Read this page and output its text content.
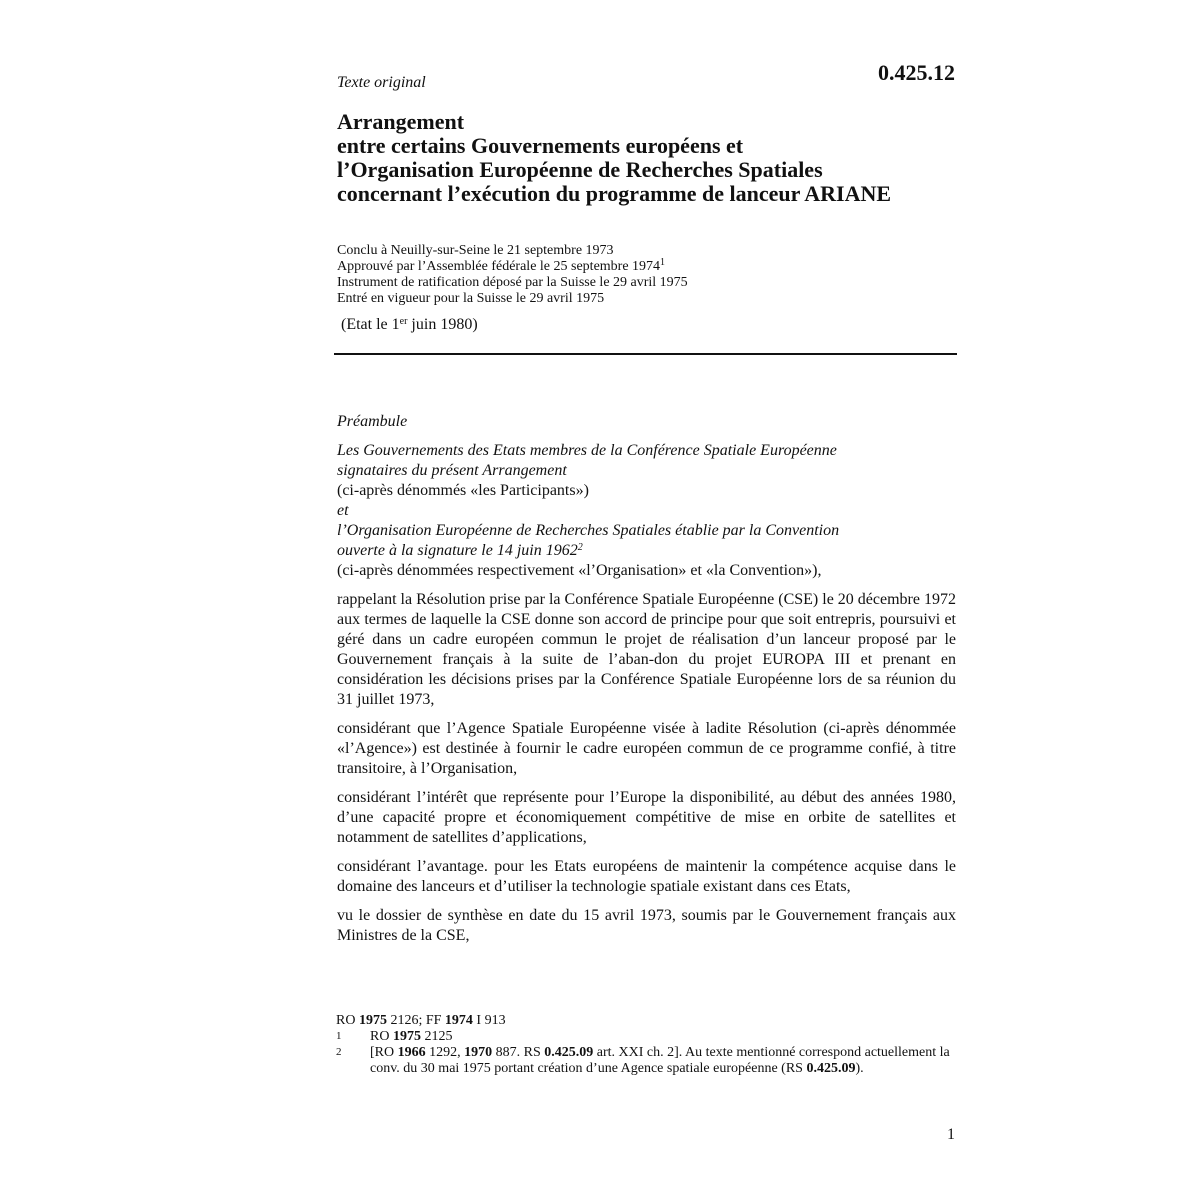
Texte original	0.425.12

Arrangement
entre certains Gouvernements européens et
l’Organisation Européenne de Recherches Spatiales
concernant l’exécution du programme de lanceur ARIANE
Conclu à Neuilly-sur-Seine le 21 septembre 1973
Approuvé par l’Assemblée fédérale le 25 septembre 1974$^1$
Instrument de ratification déposé par la Suisse le 29 avril 1975
Entré en vigueur pour la Suisse le 29 avril 1975

(Etat le 1er juin 1980)

Préambule

Les Gouvernements des Etats membres de la Conférence Spatiale Européenne

signataires du présent Arrangement

(ci-après dénommés «les Participants»)

et

l’Organisation Européenne de Recherches Spatiales établie par la Convention

ouverte à la signature le 14 juin 1962$^2$

(ci-après dénommées respectivement «l’Organisation» et «la Convention»),

rappelant la Résolution prise par la Conférence Spatiale Européenne (CSE) le 20 décembre 1972 aux termes de laquelle la CSE donne son accord de principe pour que soit entrepris, poursuivi et géré dans un cadre européen commun le projet de réalisation d’un lanceur proposé par le Gouvernement français à la suite de l’aban-don du projet EUROPA III et prenant en considération les décisions prises par la Conférence Spatiale Européenne lors de sa réunion du 31 juillet 1973,

considérant que l’Agence Spatiale Européenne visée à ladite Résolution (ci-après dénommée «l’Agence») est destinée à fournir le cadre européen commun de ce programme confié, à titre transitoire, à l’Organisation,

considérant l’intérêt que représente pour l’Europe la disponibilité, au début des années 1980, d’une capacité propre et économiquement compétitive de mise en orbite de satellites et notamment de satellites d’applications,

considérant l’avantage. pour les Etats européens de maintenir la compétence acquise dans le domaine des lanceurs et d’utiliser la technologie spatiale existant dans ces Etats,

vu le dossier de synthèse en date du 15 avril 1973, soumis par le Gouvernement français aux Ministres de la CSE,

RO 1975 2126; FF 1974 I 913

1	RO 1975 2125
2	[RO 1966 1292, 1970 887. RS 0.425.09 art. XXI ch. 2]. Au texte mentionné correspond actuellement la conv. du 30 mai 1975 portant création d’une Agence spatiale européenne (RS 0.425.09).

1
